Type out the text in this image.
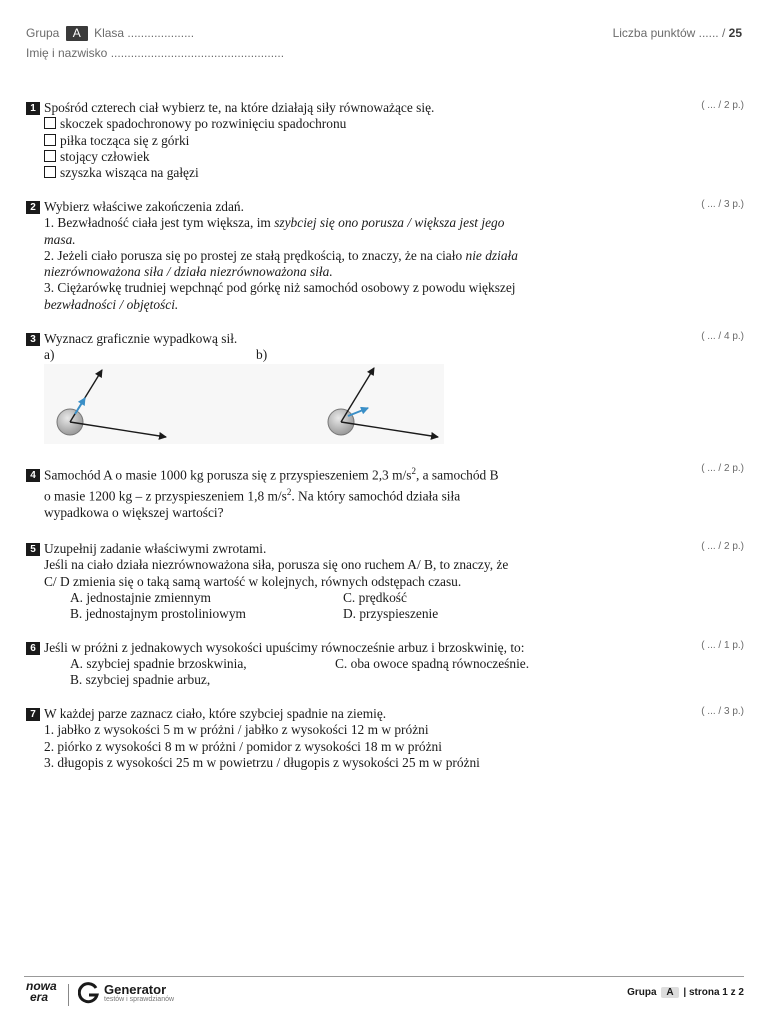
Grupa A Klasa ....................
Imię i nazwisko ....................................................
Liczba punktów ...... / 25
1 Spośród czterech ciał wybierz te, na które działają siły równoważące się.
skoczek spadochronowy po rozwinięciu spadochronu
piłka tocząca się z górki
stojący człowiek
szyszka wisząca na gałęzi
( ... / 2 p.)
2 Wybierz właściwe zakończenia zdań.
1. Bezwładność ciała jest tym większa, im szybciej się ono porusza / większa jest jego
masa.
2. Jeżeli ciało porusza się po prostej ze stałą prędkością, to znaczy, że na ciało nie działa
niezrównoważona siła / działa niezrównoważona siła.
3. Ciężarówkę trudniej wepchnąć pod górkę niż samochód osobowy z powodu większej
bezwładności / objętości.
( ... / 3 p.)
3 Wyznacz graficznie wypadkową sił.
a)	b)
( ... / 4 p.)
4 Samochód A o masie 1000 kg porusza się z przyspieszeniem 2,3 $m/s^2$, a samochód B
o masie 1200 kg – z przyspieszeniem 1,8 $m/s^2$. Na który samochód działa siła
wypadkowa o większej wartości?
( ... / 2 p.)
5 Uzupełnij zadanie właściwymi zwrotami.
Jeśli na ciało działa niezrównoważona siła, porusza się ono ruchem A/ B, to znaczy, że
C/ D zmienia się o taką samą wartość w kolejnych, równych odstępach czasu.
A. jednostajnie zmiennym	C. prędkość
B. jednostajnym prostoliniowym	D. przyspieszenie
( ... / 2 p.)
6 Jeśli w próżni z jednakowych wysokości upuścimy równocześnie arbuz i brzoskwinię, to:
A. szybciej spadnie brzoskwinia,	C. oba owoce spadną równocześnie.
B. szybciej spadnie arbuz,
( ... / 1 p.)
7 W każdej parze zaznacz ciało, które szybciej spadnie na ziemię.
1. jabłko z wysokości 5 m w próżni / jabłko z wysokości 12 m w próżni
2. piórko z wysokości 8 m w próżni / pomidor z wysokości 18 m w próżni
3. długopis z wysokości 25 m w powietrzu / długopis z wysokości 25 m w próżni
( ... / 3 p.)
nowa
era	Generator
testów i sprawdzianów
Grupa A | strona 1 z 2
